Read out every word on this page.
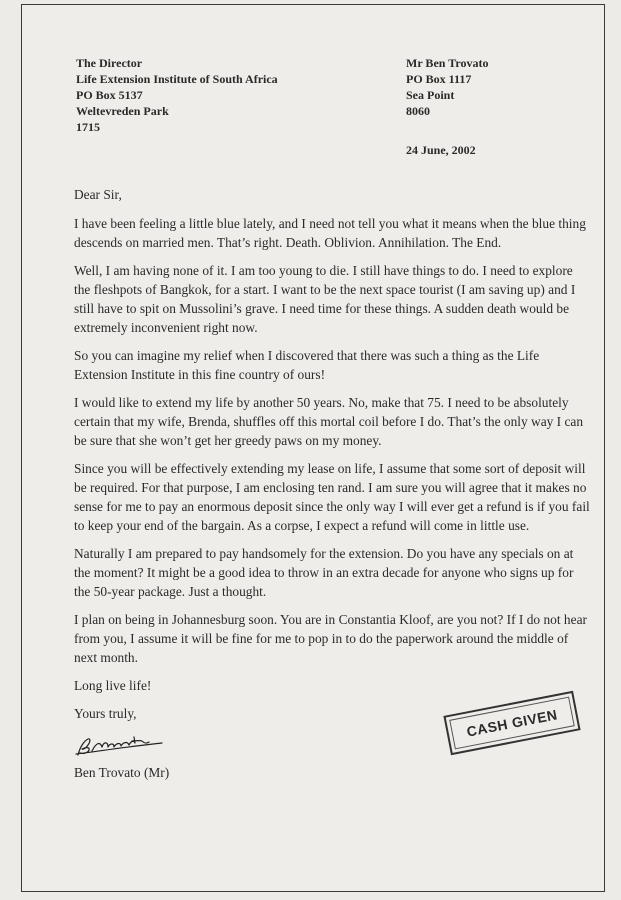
The Director
Life Extension Institute of South Africa
PO Box 5137
Weltevreden Park
1715
Mr Ben Trovato
PO Box 1117
Sea Point
8060
24 June, 2002

Dear Sir,

I have been feeling a little blue lately, and I need not tell you what it means when the blue thing descends on married men. That’s right. Death. Oblivion. Annihilation. The End.

Well, I am having none of it. I am too young to die. I still have things to do. I need to explore the fleshpots of Bangkok, for a start. I want to be the next space tourist (I am saving up) and I still have to spit on Mussolini’s grave. I need time for these things. A sudden death would be extremely inconvenient right now.

So you can imagine my relief when I discovered that there was such a thing as the Life Extension Institute in this fine country of ours!

I would like to extend my life by another 50 years. No, make that 75. I need to be absolutely certain that my wife, Brenda, shuffles off this mortal coil before I do. That’s the only way I can be sure that she won’t get her greedy paws on my money.

Since you will be effectively extending my lease on life, I assume that some sort of deposit will be required. For that purpose, I am enclosing ten rand. I am sure you will agree that it makes no sense for me to pay an enormous deposit since the only way I will ever get a refund is if you fail to keep your end of the bargain. As a corpse, I expect a refund will come in little use.

Naturally I am prepared to pay handsomely for the extension. Do you have any specials on at the moment? It might be a good idea to throw in an extra decade for anyone who signs up for the 50-year package. Just a thought.

I plan on being in Johannesburg soon. You are in Constantia Kloof, are you not? If I do not hear from you, I assume it will be fine for me to pop in to do the paperwork around the middle of next month.

Long live life!

Yours truly,

Ben Trovato (Mr)
CASH GIVEN
